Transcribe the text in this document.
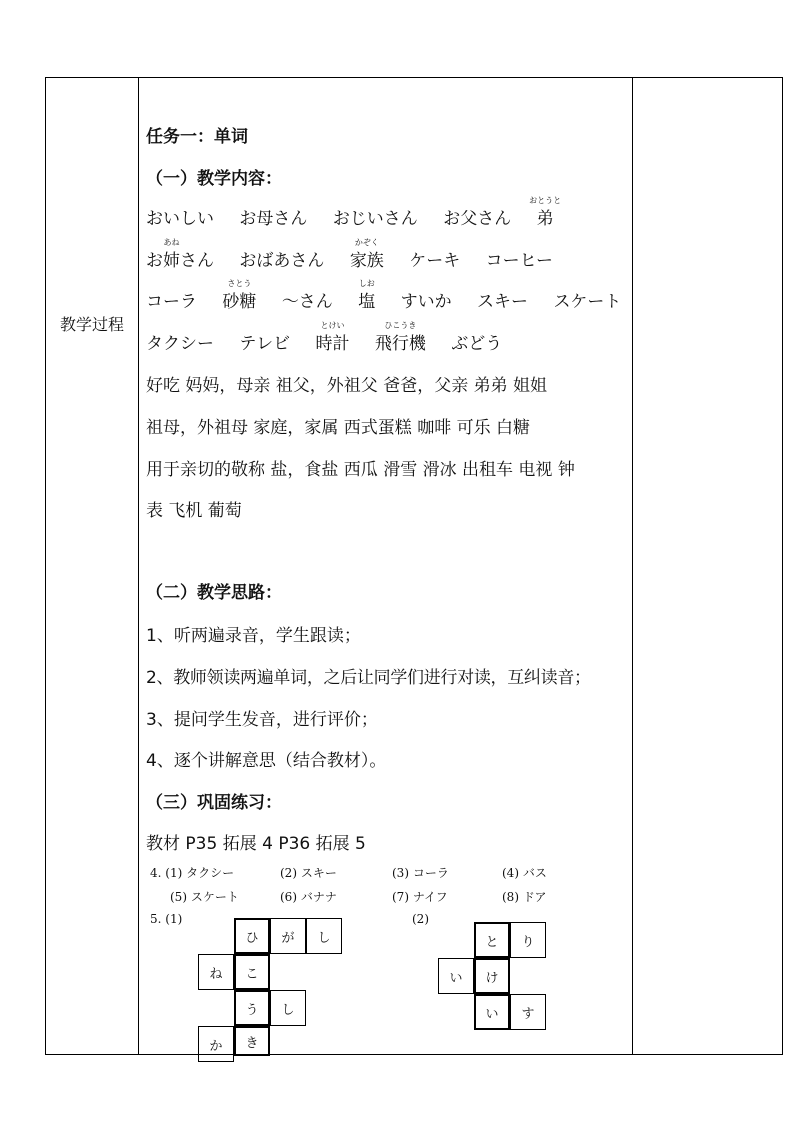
教学过程
任务一：单词
（一）教学内容：
おいしい お母さん おじいさん お父さん
おとうと
弟
お
あね
姉さん おばあさん
かぞく
家族 ケーキ コーヒー
コーラ
さとう
砂糖 ～さん
しお
塩 すいか スキー スケート
タクシー テレビ
とけい
時計
ひこうき
飛行機 ぶどう
好吃 妈妈，母亲 祖父，外祖父 爸爸，父亲 弟弟 姐姐
祖母，外祖母 家庭，家属 西式蛋糕 咖啡 可乐 白糖
用于亲切的敬称 盐，食盐 西瓜 滑雪 滑冰 出租车 电视 钟
表 飞机 葡萄
（二）教学思路：
1、听两遍录音，学生跟读；
2、教师领读两遍单词，之后让同学们进行对读，互纠读音；
3、提问学生发音，进行评价；
4、逐个讲解意思（结合教材）。
（三）巩固练习：
教材 P35 拓展 4 P36 拓展 5
4. (1) タクシー	(2) スキー	(3) コーラ	(4) バス
(5) スケート	(6) バナナ	(7) ナイフ	(8) ドア
5. (1)	(2)
ひ	が	し
ね	こ
う	し
か	き
と	り
い	け
い	す
